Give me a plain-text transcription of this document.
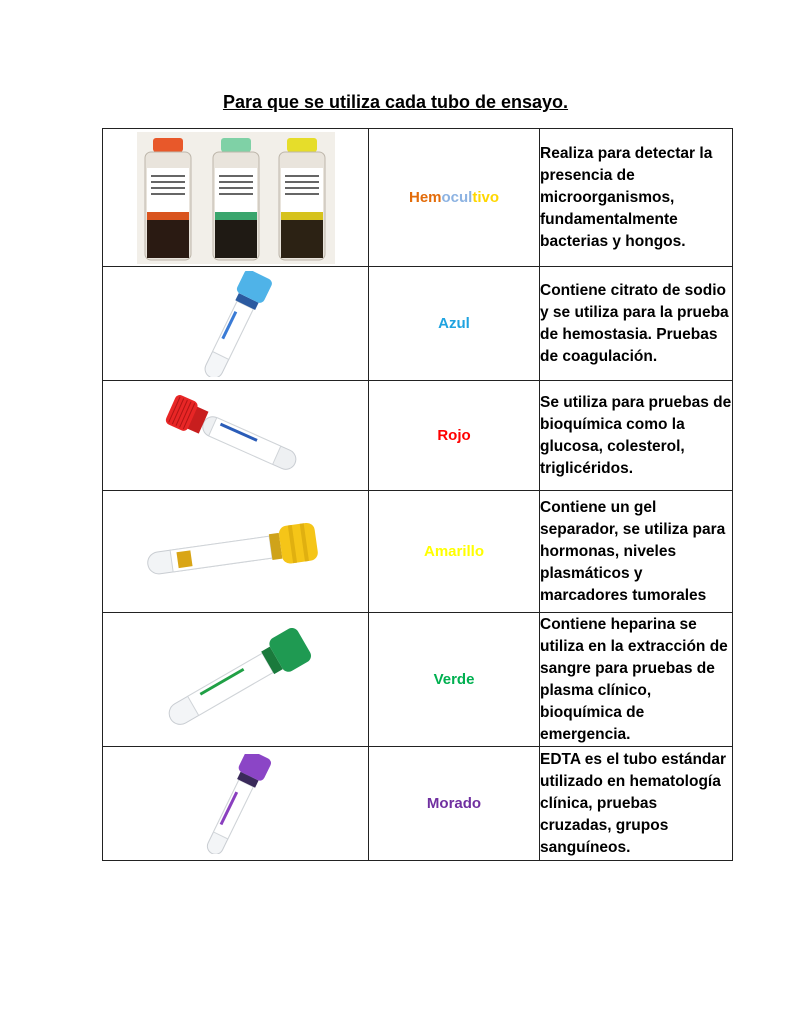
Para que se utiliza cada tubo de ensayo.
	Hemocultivo	Realiza para detectar la presencia de microorganismos, fundamentalmente bacterias y hongos.

	Azul	Contiene citrato de sodio y se utiliza para la prueba de hemostasia. Pruebas de coagulación.

	Rojo	Se utiliza para pruebas de bioquímica como la glucosa, colesterol, triglicéridos.

	Amarillo	Contiene un gel separador, se utiliza para hormonas, niveles plasmáticos y marcadores tumorales

	Verde	Contiene heparina se utiliza en la extracción de sangre para pruebas de plasma clínico, bioquímica de emergencia.

	Morado	EDTA es el tubo estándar utilizado en hematología clínica, pruebas cruzadas, grupos sanguíneos.
